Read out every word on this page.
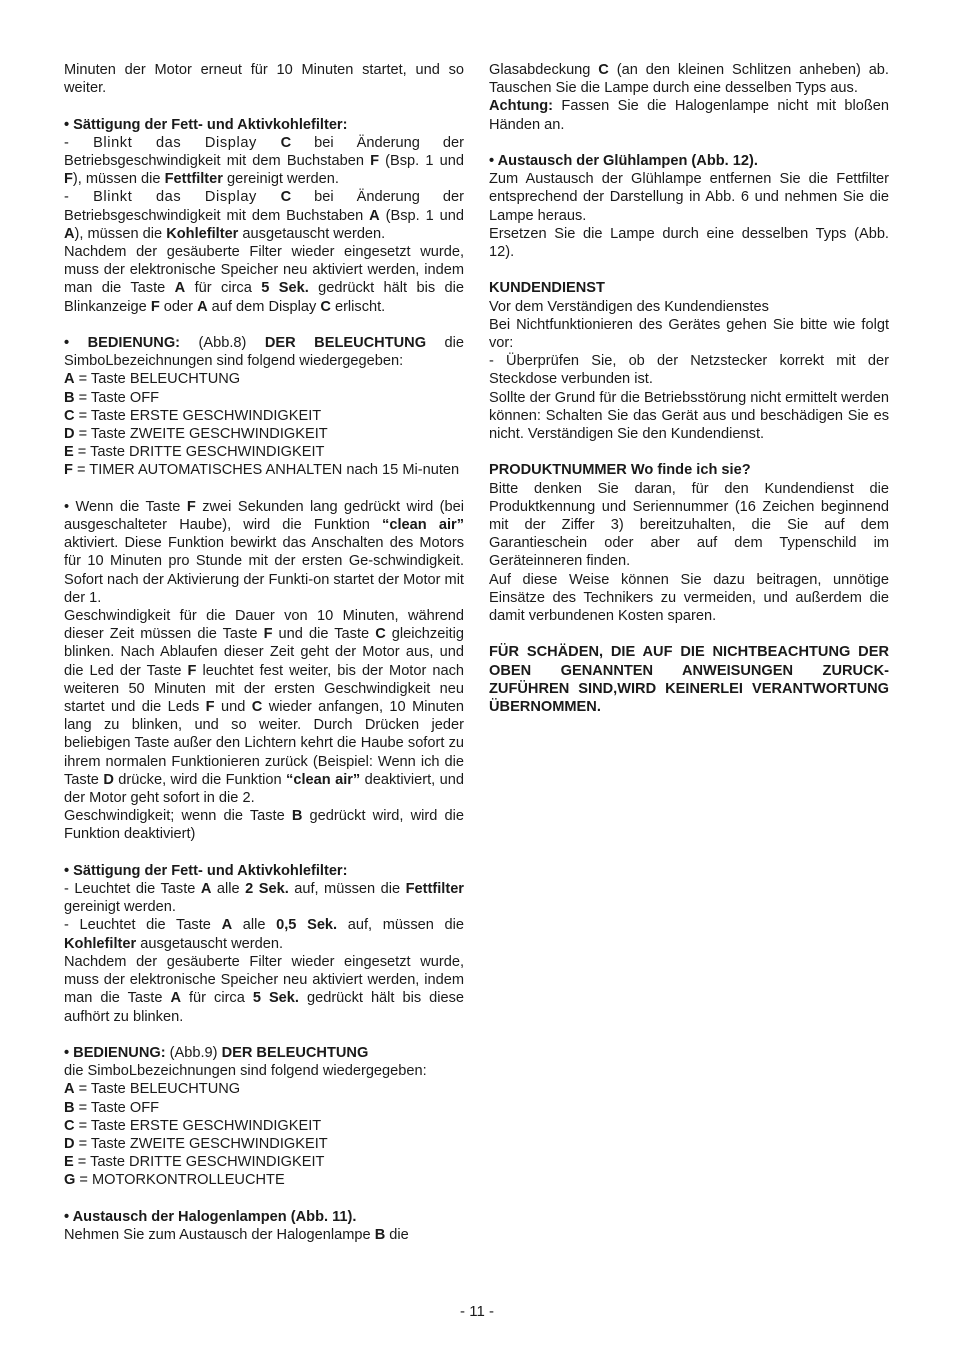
Minuten der Motor erneut für 10 Minuten startet, und so weiter.

• Sättigung der Fett- und Aktivkohlefilter:

- Blinkt das Display C bei Änderung der Betriebsgeschwindigkeit mit dem Buchstaben F (Bsp. 1 und F), müssen die Fettfilter gereinigt werden.

- Blinkt das Display C bei Änderung der Betriebsgeschwindigkeit mit dem Buchstaben A (Bsp. 1 und A), müssen die Kohlefilter ausgetauscht werden.

Nachdem der gesäuberte Filter wieder eingesetzt wurde, muss der elektronische Speicher neu aktiviert werden, indem man die Taste A für circa 5 Sek. gedrückt hält bis die Blinkanzeige F oder A auf dem Display C erlischt.

• BEDIENUNG: (Abb.8) DER BELEUCHTUNG die SimboLbezeichnungen sind folgend wiedergegeben:

A = Taste BELEUCHTUNG

B = Taste OFF

C = Taste ERSTE GESCHWINDIGKEIT

D = Taste ZWEITE GESCHWINDIGKEIT

E = Taste DRITTE GESCHWINDIGKEIT

F = TIMER AUTOMATISCHES ANHALTEN nach 15 Mi-nuten

• Wenn die Taste F zwei Sekunden lang gedrückt wird (bei ausgeschalteter Haube), wird die Funktion “clean air” aktiviert. Diese Funktion bewirkt das Anschalten des Motors für 10 Minuten pro Stunde mit der ersten Ge-schwindigkeit. Sofort nach der Aktivierung der Funkti-on startet der Motor mit der 1.

Geschwindigkeit für die Dauer von 10 Minuten, während dieser Zeit müssen die Taste F und die Taste C gleichzeitig blinken. Nach Ablaufen dieser Zeit geht der Motor aus, und die Led der Taste F leuchtet fest weiter, bis der Motor nach weiteren 50 Minuten mit der ersten Geschwindigkeit neu startet und die Leds F und C wieder anfangen, 10 Minuten lang zu blinken, und so weiter. Durch Drücken jeder beliebigen Taste außer den Lichtern kehrt die Haube sofort zu ihrem normalen Funktionieren zurück (Beispiel: Wenn ich die Taste D drücke, wird die Funktion “clean air” deaktiviert, und der Motor geht sofort in die 2.

Geschwindigkeit; wenn die Taste B gedrückt wird, wird die Funktion deaktiviert)

• Sättigung der Fett- und Aktivkohlefilter:

- Leuchtet die Taste A alle 2 Sek. auf, müssen die Fettfilter gereinigt werden.

- Leuchtet die Taste A alle 0,5 Sek. auf, müssen die Kohlefilter ausgetauscht werden.

Nachdem der gesäuberte Filter wieder eingesetzt wurde, muss der elektronische Speicher neu aktiviert werden, indem man die Taste A für circa 5 Sek. gedrückt hält bis diese aufhört zu blinken.

• BEDIENUNG: (Abb.9) DER BELEUCHTUNG

die SimboLbezeichnungen sind folgend wiedergegeben:

A = Taste BELEUCHTUNG

B = Taste OFF

C = Taste ERSTE GESCHWINDIGKEIT

D = Taste ZWEITE GESCHWINDIGKEIT

E = Taste DRITTE GESCHWINDIGKEIT

G = MOTORKONTROLLEUCHTE

• Austausch der Halogenlampen (Abb. 11).

Nehmen Sie zum Austausch der Halogenlampe B die

Glasabdeckung C (an den kleinen Schlitzen anheben) ab. Tauschen Sie die Lampe durch eine desselben Typs aus.

Achtung: Fassen Sie die Halogenlampe nicht mit bloßen Händen an.

• Austausch der Glühlampen (Abb. 12).

Zum Austausch der Glühlampe entfernen Sie die Fettfilter entsprechend der Darstellung in Abb. 6 und nehmen Sie die Lampe heraus.

Ersetzen Sie die Lampe durch eine desselben Typs (Abb. 12).

KUNDENDIENST

Vor dem Verständigen des Kundendienstes

Bei Nichtfunktionieren des Gerätes gehen Sie bitte wie folgt vor:

- Überprüfen Sie, ob der Netzstecker korrekt mit der Steckdose verbunden ist.

Sollte der Grund für die Betriebsstörung nicht ermittelt werden können: Schalten Sie das Gerät aus und beschädigen Sie es nicht. Verständigen Sie den Kundendienst.

PRODUKTNUMMER Wo finde ich sie?

Bitte denken Sie daran, für den Kundendienst die Produktkennung und Seriennummer (16 Zeichen beginnend mit der Ziffer 3) bereitzuhalten, die Sie auf dem Garantieschein oder aber auf dem Typenschild im Geräteinneren finden.

Auf diese Weise können Sie dazu beitragen, unnötige Einsätze des Technikers zu vermeiden, und außerdem die damit verbundenen Kosten sparen.

FÜR SCHÄDEN, DIE AUF DIE NICHTBEACHTUNG DER OBEN GENANNTEN ANWEISUNGEN ZURUCK-ZUFÜHREN SIND,WIRD KEINERLEI VERANTWORTUNG ÜBERNOMMEN.

- 11 -
